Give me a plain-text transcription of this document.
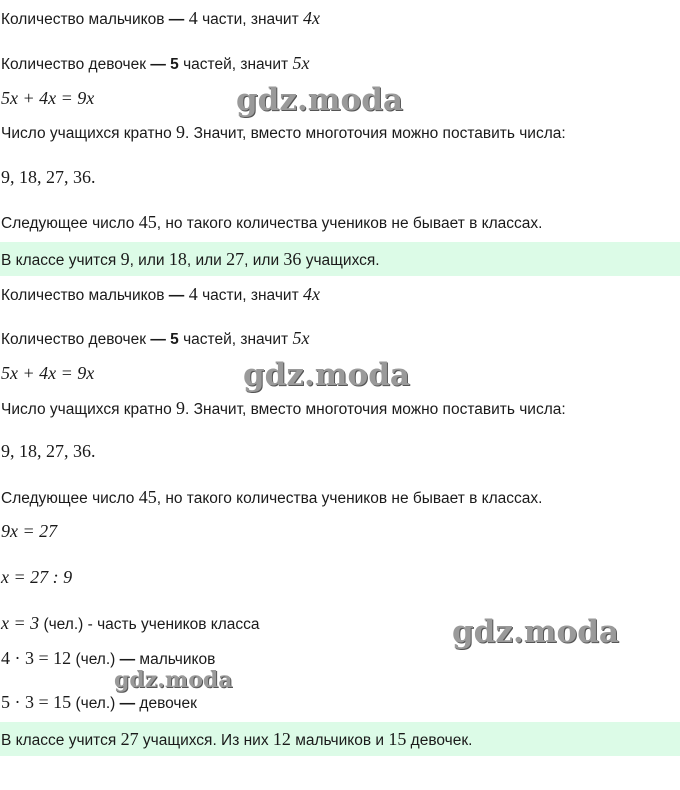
Количество мальчиков — 4 части, значит 4x
Количество девочек — 5 частей, значит 5x
5x + 4x = 9x
Число учащихся кратно 9. Значит, вместо многоточия можно поставить числа:
9, 18, 27, 36.
Следующее число 45, но такого количества учеников не бывает в классах.
В классе учится 9, или 18, или 27, или 36 учащихся.
Количество мальчиков — 4 части, значит 4x
Количество девочек — 5 частей, значит 5x
5x + 4x = 9x
Число учащихся кратно 9. Значит, вместо многоточия можно поставить числа:
9, 18, 27, 36.
Следующее число 45, но такого количества учеников не бывает в классах.
9x = 27
x = 27 : 9
x = 3 (чел.) - часть учеников класса
4 · 3 = 12 (чел.) — мальчиков
5 · 3 = 15 (чел.) — девочек
В классе учится 27 учащихся. Из них 12 мальчиков и 15 девочек.
gdz.moda
gdz.moda
gdz.moda
gdz.moda
